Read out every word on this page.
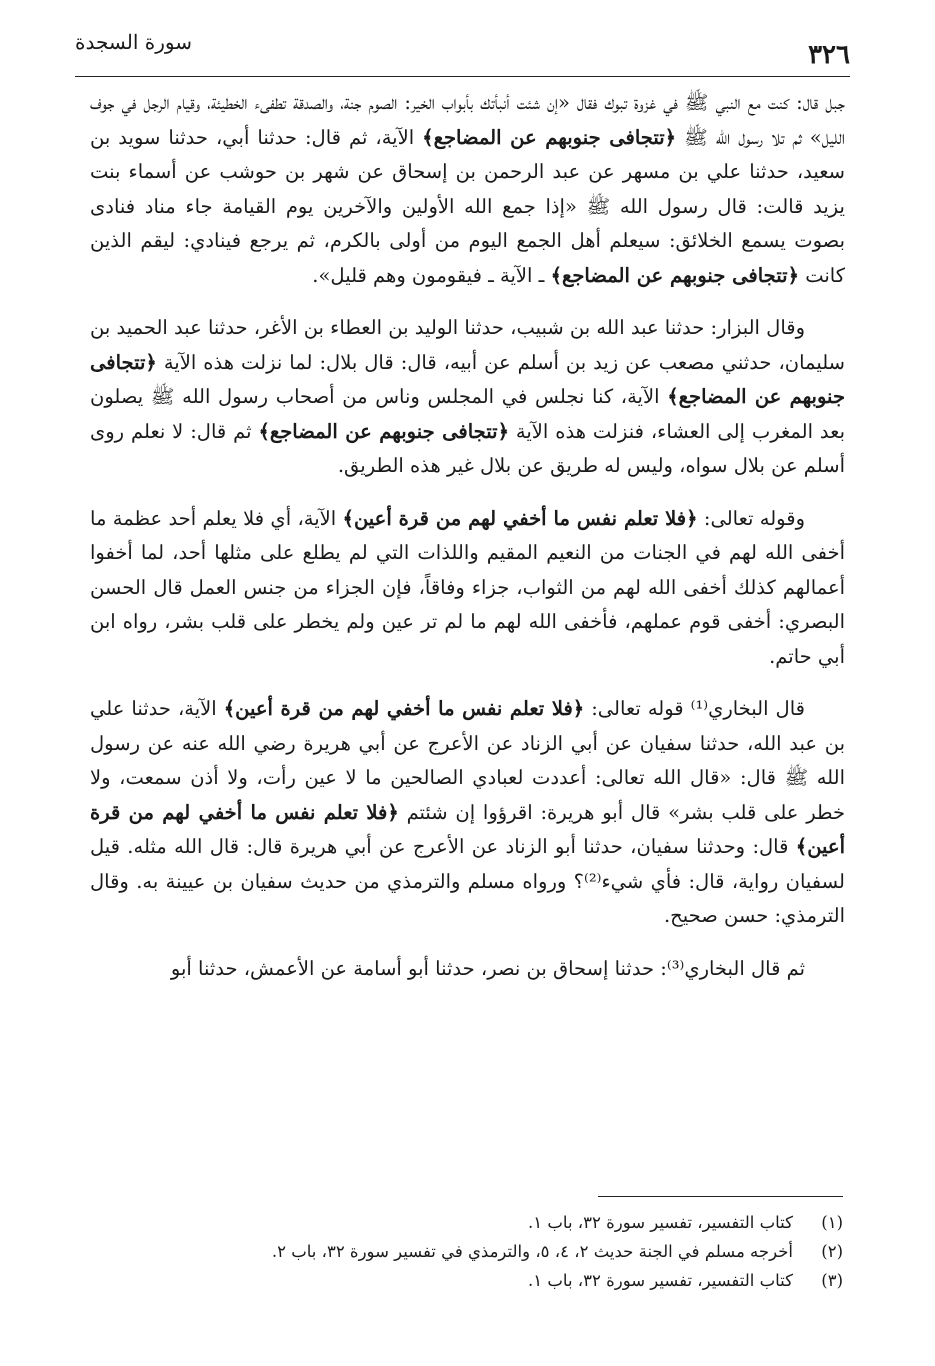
٣٢٦
سورة السجدة

جبل قال: كنت مع النبي ﷺ في غزوة تبوك فقال «إن شئت أنبأتك بأبواب الخير: الصوم جنة، والصدقة تطفىء الخطيئة، وقيام الرجل في جوف الليل» ثم تلا رسول الله ﷺ ﴿تتجافى جنوبهم عن المضاجع﴾ الآية، ثم قال: حدثنا أبي، حدثنا سويد بن سعيد، حدثنا علي بن مسهر عن عبد الرحمن بن إسحاق عن شهر بن حوشب عن أسماء بنت يزيد قالت: قال رسول الله ﷺ «إذا جمع الله الأولين والآخرين يوم القيامة جاء مناد فنادى بصوت يسمع الخلائق: سيعلم أهل الجمع اليوم من أولى بالكرم، ثم يرجع فينادي: ليقم الذين كانت ﴿تتجافى جنوبهم عن المضاجع﴾ ـ الآية ـ فيقومون وهم قليل».

وقال البزار: حدثنا عبد الله بن شبيب، حدثنا الوليد بن العطاء بن الأغر، حدثنا عبد الحميد بن سليمان، حدثني مصعب عن زيد بن أسلم عن أبيه، قال: قال بلال: لما نزلت هذه الآية ﴿تتجافى جنوبهم عن المضاجع﴾ الآية، كنا نجلس في المجلس وناس من أصحاب رسول الله ﷺ يصلون بعد المغرب إلى العشاء، فنزلت هذه الآية ﴿تتجافى جنوبهم عن المضاجع﴾ ثم قال: لا نعلم روى أسلم عن بلال سواه، وليس له طريق عن بلال غير هذه الطريق.

وقوله تعالى: ﴿فلا تعلم نفس ما أخفي لهم من قرة أعين﴾ الآية، أي فلا يعلم أحد عظمة ما أخفى الله لهم في الجنات من النعيم المقيم واللذات التي لم يطلع على مثلها أحد، لما أخفوا أعمالهم كذلك أخفى الله لهم من الثواب، جزاء وفاقاً، فإن الجزاء من جنس العمل قال الحسن البصري: أخفى قوم عملهم، فأخفى الله لهم ما لم تر عين ولم يخطر على قلب بشر، رواه ابن أبي حاتم.

قال البخاري⁽¹⁾ قوله تعالى: ﴿فلا تعلم نفس ما أخفي لهم من قرة أعين﴾ الآية، حدثنا علي بن عبد الله، حدثنا سفيان عن أبي الزناد عن الأعرج عن أبي هريرة رضي الله عنه عن رسول الله ﷺ قال: «قال الله تعالى: أعددت لعبادي الصالحين ما لا عين رأت، ولا أذن سمعت، ولا خطر على قلب بشر» قال أبو هريرة: اقرؤوا إن شئتم ﴿فلا تعلم نفس ما أخفي لهم من قرة أعين﴾ قال: وحدثنا سفيان، حدثنا أبو الزناد عن الأعرج عن أبي هريرة قال: قال الله مثله. قيل لسفيان رواية، قال: فأي شيء⁽²⁾؟ ورواه مسلم والترمذي من حديث سفيان بن عيينة به. وقال الترمذي: حسن صحيح.

ثم قال البخاري⁽³⁾: حدثنا إسحاق بن نصر، حدثنا أبو أسامة عن الأعمش، حدثنا أبو

(١)
كتاب التفسير، تفسير سورة ٣٢، باب ١.
(٢)
أخرجه مسلم في الجنة حديث ٢، ٤، ٥، والترمذي في تفسير سورة ٣٢، باب ٢.
(٣)
كتاب التفسير، تفسير سورة ٣٢، باب ١.
